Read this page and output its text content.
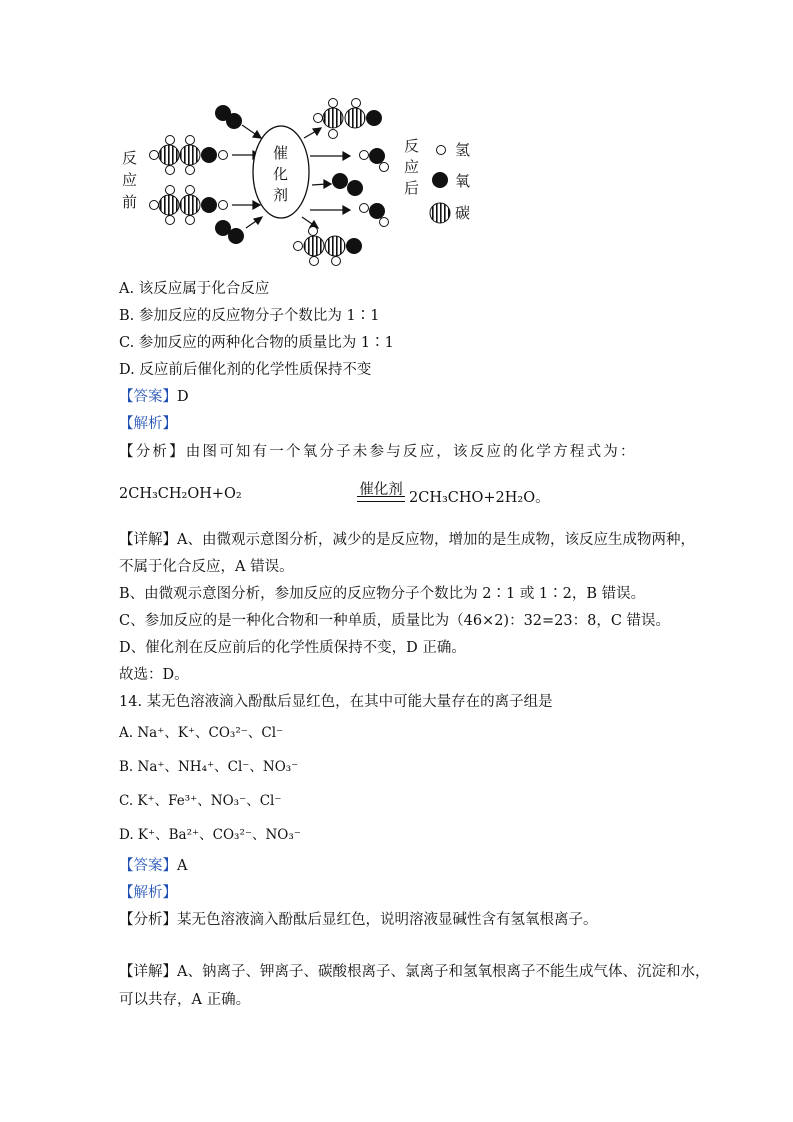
反
应
前
催
化
剂
反
应
后
氢
氧
碳
A. 该反应属于化合反应
B. 参加反应的反应物分子个数比为 1∶1
C. 参加反应的两种化合物的质量比为 1∶1
D. 反应前后催化剂的化学性质保持不变
【答案】D
【解析】
【分析】由图可知有一个氧分子未参与反应，该反应的化学方程式为：
2CH₃CH₂OH+O₂	催化剂 2CH₃CHO+2H₂O。
【详解】A、由微观示意图分析，减少的是反应物，增加的是生成物，该反应生成物两种，
不属于化合反应，A 错误。
B、由微观示意图分析，参加反应的反应物分子个数比为 2∶1 或 1∶2，B 错误。
C、参加反应的是一种化合物和一种单质，质量比为（46×2)：32=23：8，C 错误。
D、催化剂在反应前后的化学性质保持不变，D 正确。
故选：D。
14. 某无色溶液滴入酚酞后显红色，在其中可能大量存在的离子组是
A. Na⁺、K⁺、CO₃²⁻、Cl⁻
B. Na⁺、NH₄⁺、Cl⁻、NO₃⁻
C. K⁺、Fe³⁺、NO₃⁻、Cl⁻
D. K⁺、Ba²⁺、CO₃²⁻、NO₃⁻
【答案】A
【解析】
【分析】某无色溶液滴入酚酞后显红色，说明溶液显碱性含有氢氧根离子。
【详解】A、钠离子、钾离子、碳酸根离子、氯离子和氢氧根离子不能生成气体、沉淀和水，
可以共存，A 正确。
